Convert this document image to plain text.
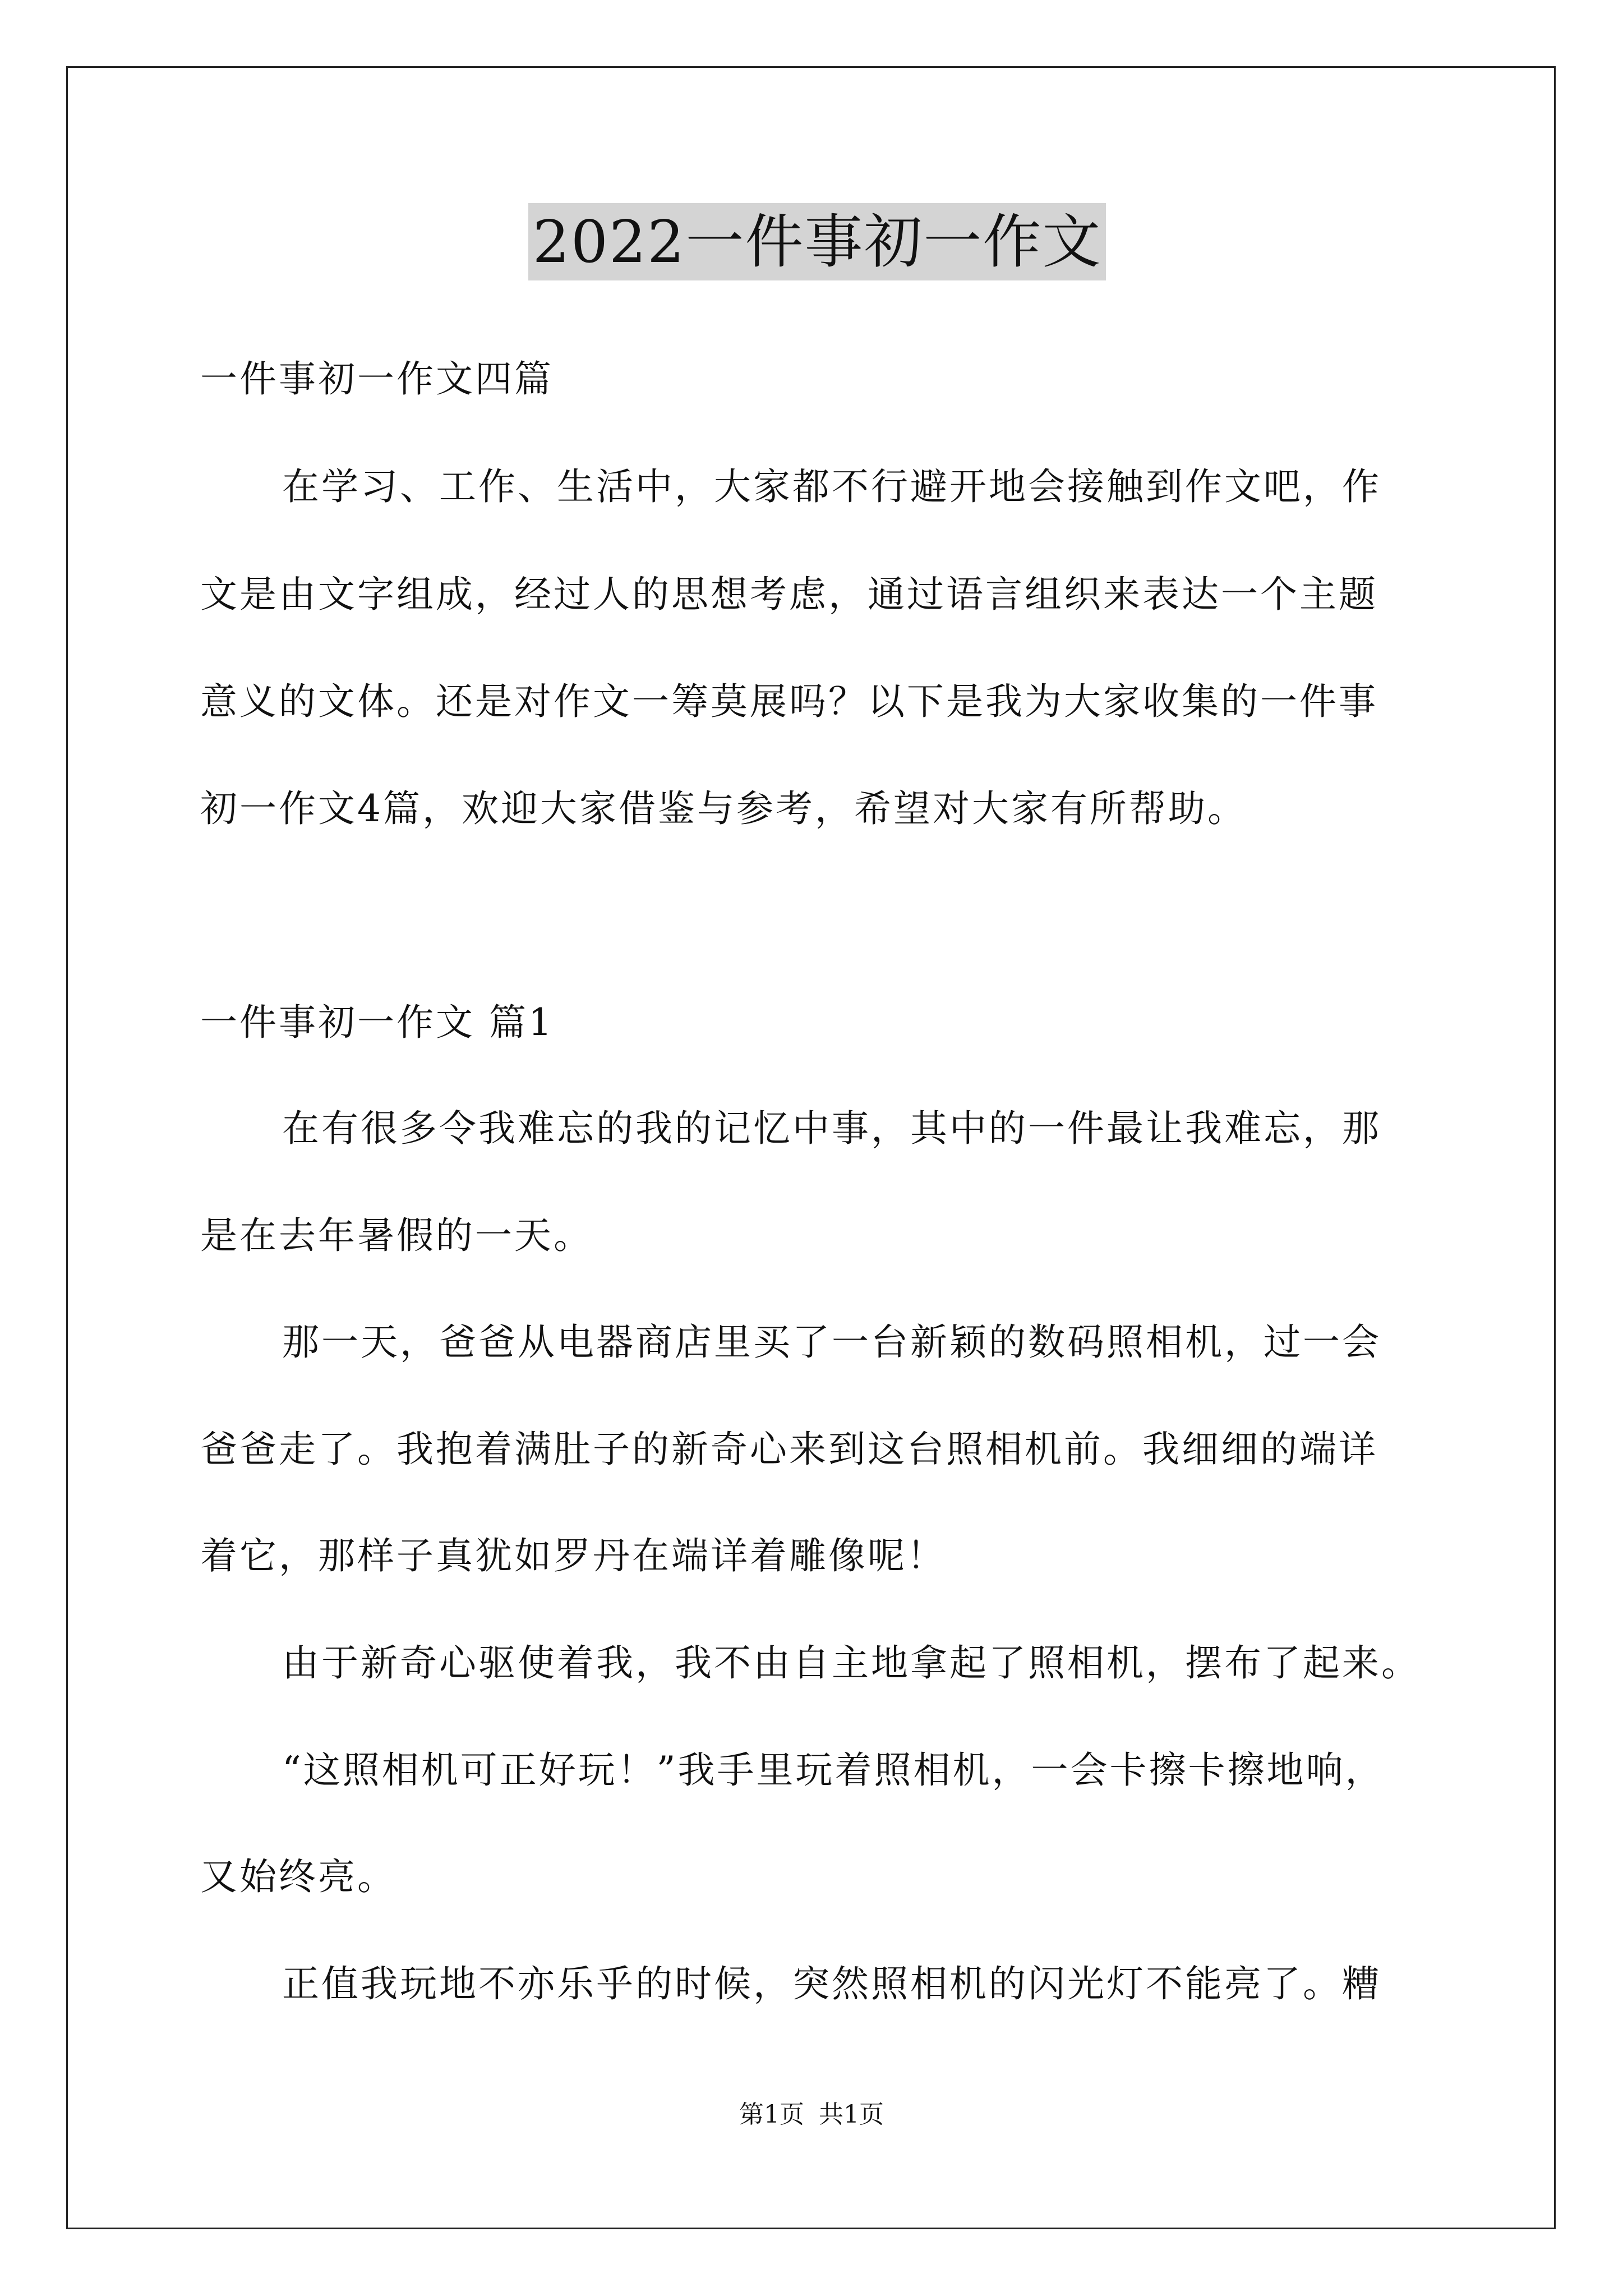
2022一件事初一作文
一件事初一作文四篇
在学习、工作、生活中，大家都不行避开地会接触到作文吧，作
文是由文字组成，经过人的思想考虑，通过语言组织来表达一个主题
意义的文体。还是对作文一筹莫展吗？以下是我为大家收集的一件事
初一作文4篇，欢迎大家借鉴与参考，希望对大家有所帮助。
一件事初一作文 篇1
在有很多令我难忘的我的记忆中事，其中的一件最让我难忘，那
是在去年暑假的一天。
那一天，爸爸从电器商店里买了一台新颖的数码照相机，过一会
爸爸走了。我抱着满肚子的新奇心来到这台照相机前。我细细的端详
着它，那样子真犹如罗丹在端详着雕像呢！
由于新奇心驱使着我，我不由自主地拿起了照相机，摆布了起来。
“这照相机可正好玩！”我手里玩着照相机，一会卡擦卡擦地响，
又始终亮。
正值我玩地不亦乐乎的时候，突然照相机的闪光灯不能亮了。糟
第1页 共1页
